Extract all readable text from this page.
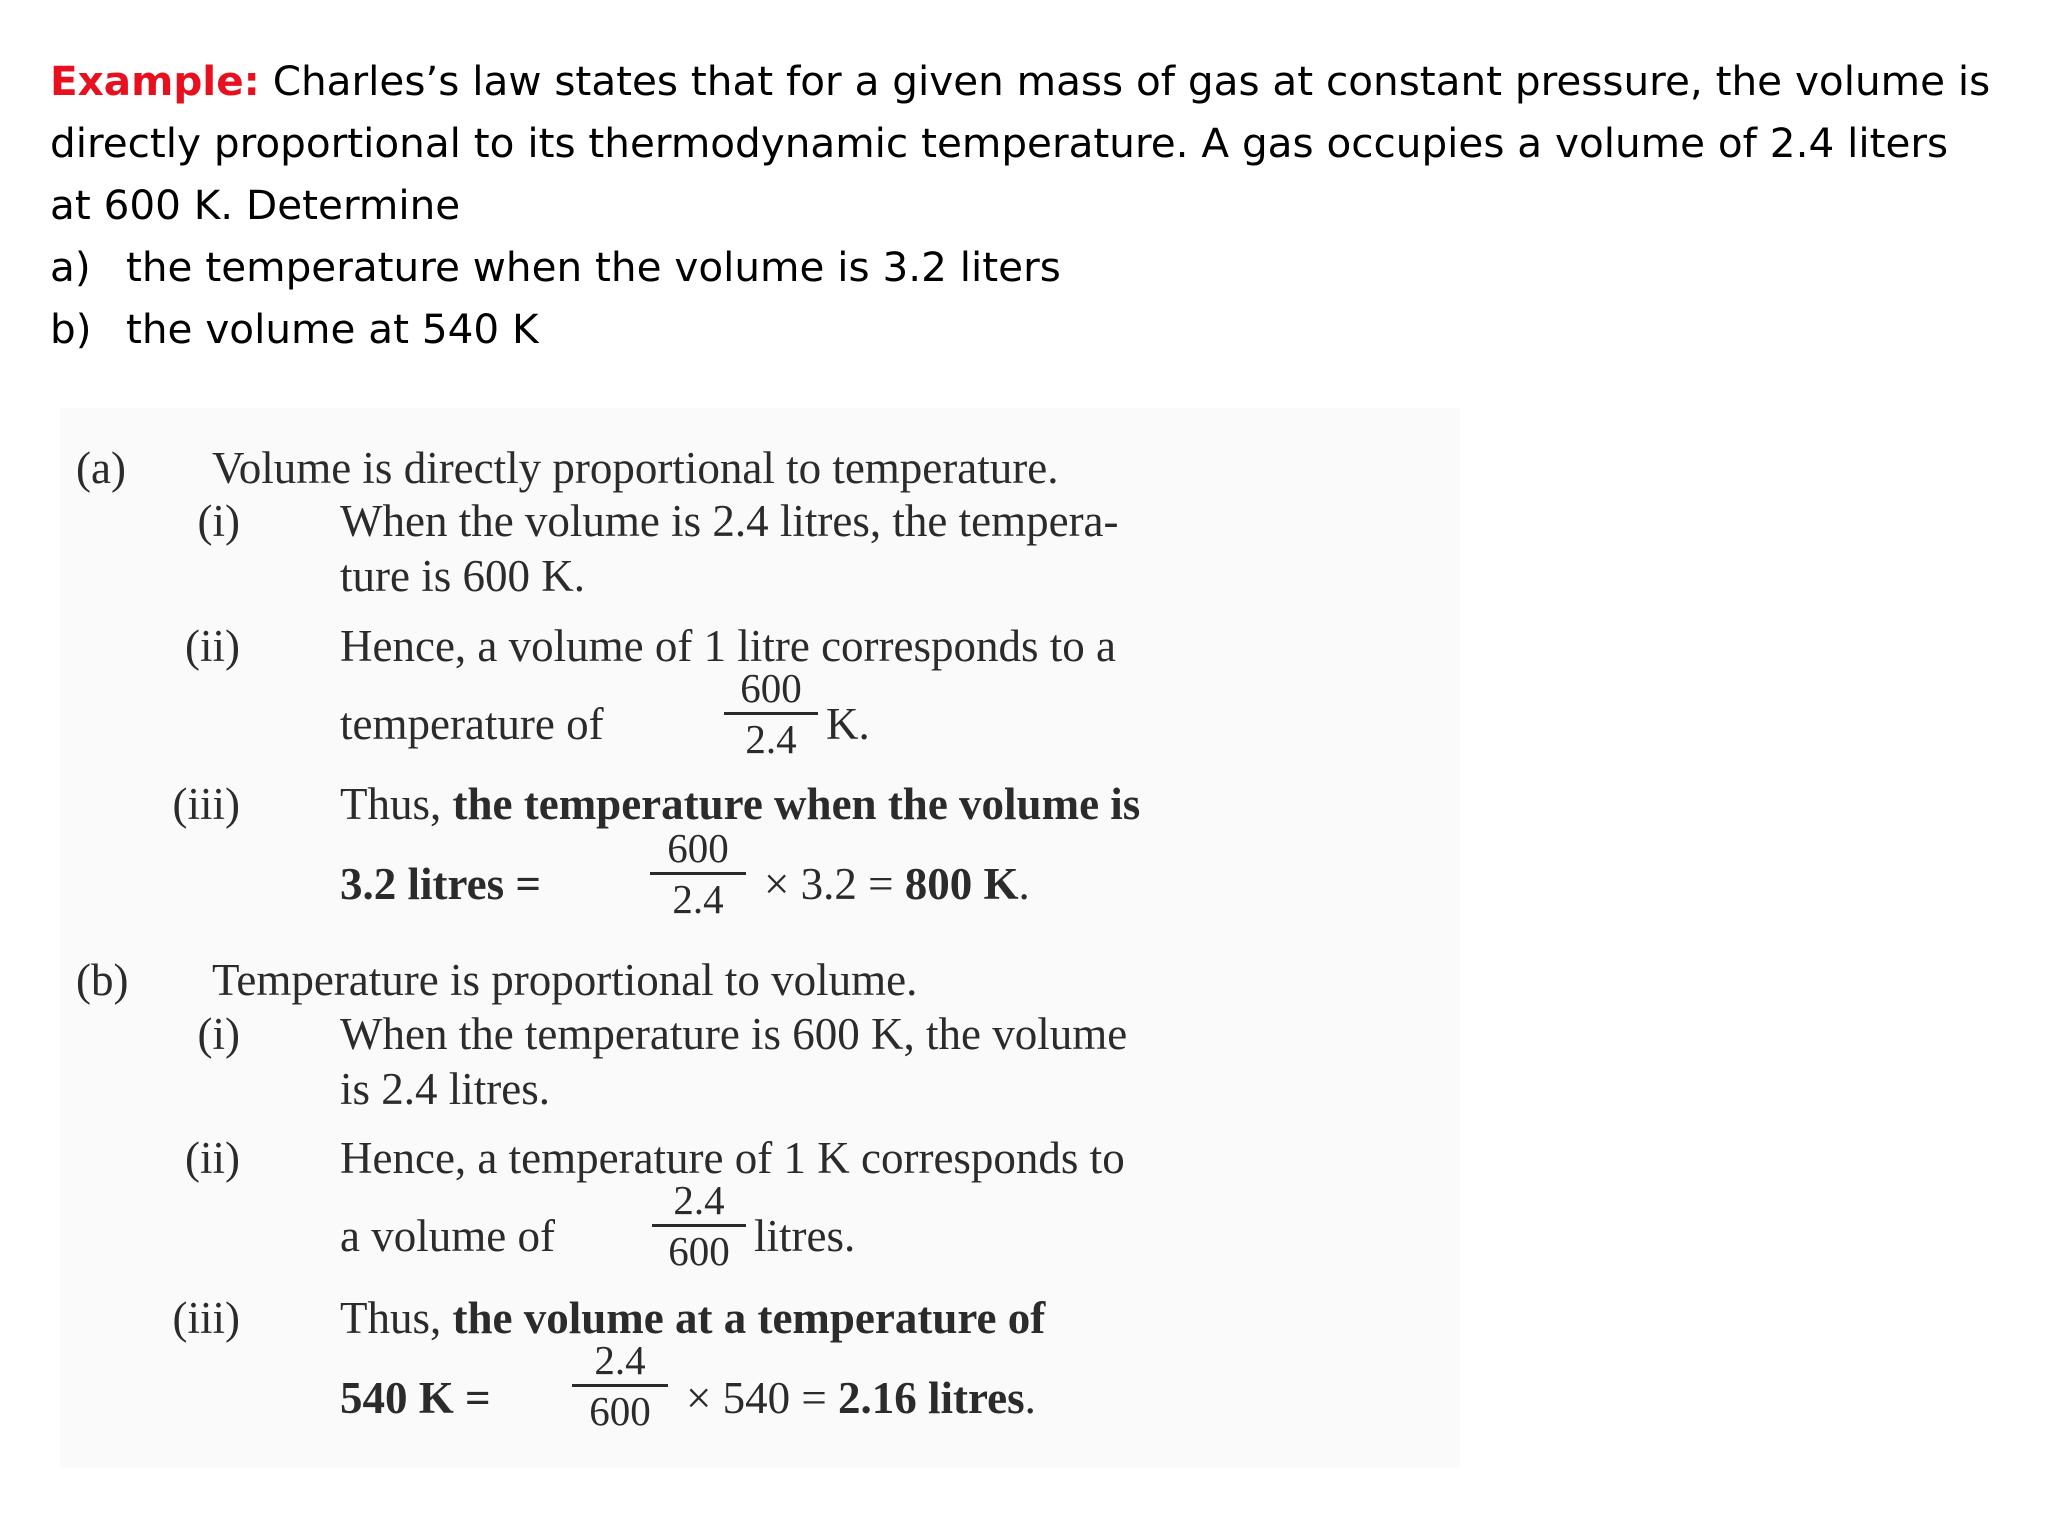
Example: Charles’s law states that for a given mass of gas at constant pressure, the volume is
directly proportional to its thermodynamic temperature. A gas occupies a volume of 2.4 liters
at 600 K. Determine
a) the temperature when the volume is 3.2 liters
b) the volume at 540 K
(a) Volume is directly proportional to temperature.
(i) When the volume is 2.4 litres, the tempera-
ture is 600 K.
(ii) Hence, a volume of 1 litre corresponds to a
temperature of
600
2.4 K.
(iii) Thus, the temperature when the volume is
3.2 litres =
600
2.4 × 3.2 = 800 K.
(b) Temperature is proportional to volume.
(i) When the temperature is 600 K, the volume
is 2.4 litres.
(ii) Hence, a temperature of 1 K corresponds to
a volume of
2.4
600 litres.
(iii) Thus, the volume at a temperature of
540 K =
2.4
600 × 540 = 2.16 litres.
